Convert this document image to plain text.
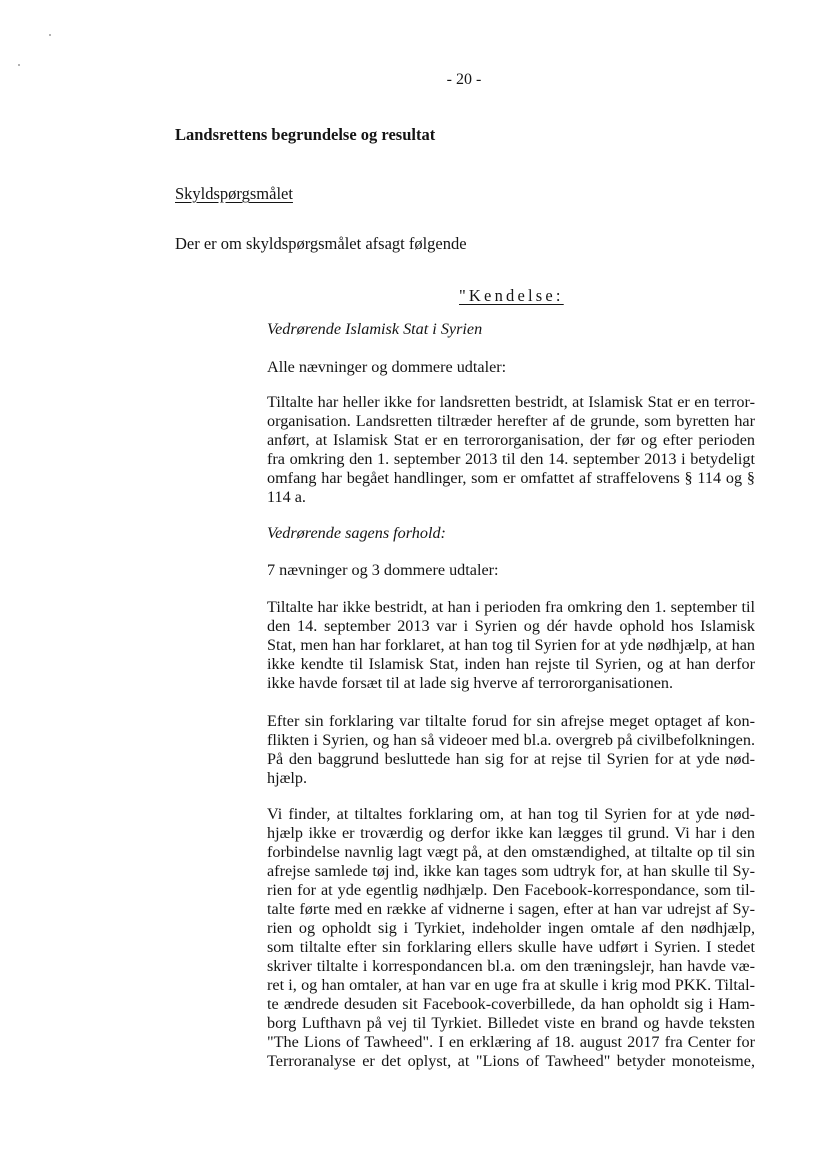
- 20 -
Landsrettens begrundelse og resultat
Skyldspørgsmålet
Der er om skyldspørgsmålet afsagt følgende
"Kendelse:

Vedrørende Islamisk Stat i Syrien

Alle nævninger og dommere udtaler:

Tiltalte har heller ikke for landsretten bestridt, at Islamisk Stat er en terror-
organisation. Landsretten tiltræder herefter af de grunde, som byretten har
anført, at Islamisk Stat er en terrororganisation, der før og efter perioden
fra omkring den 1. september 2013 til den 14. september 2013 i betydeligt
omfang har begået handlinger, som er omfattet af straffelovens § 114 og §
114 a.

Vedrørende sagens forhold:

7 nævninger og 3 dommere udtaler:

Tiltalte har ikke bestridt, at han i perioden fra omkring den 1. september til
den 14. september 2013 var i Syrien og dér havde ophold hos Islamisk
Stat, men han har forklaret, at han tog til Syrien for at yde nødhjælp, at han
ikke kendte til Islamisk Stat, inden han rejste til Syrien, og at han derfor
ikke havde forsæt til at lade sig hverve af terrororganisationen.
Efter sin forklaring var tiltalte forud for sin afrejse meget optaget af kon-
flikten i Syrien, og han så videoer med bl.a. overgreb på civilbefolkningen.
På den baggrund besluttede han sig for at rejse til Syrien for at yde nød-
hjælp.
Vi finder, at tiltaltes forklaring om, at han tog til Syrien for at yde nød-
hjælp ikke er troværdig og derfor ikke kan lægges til grund. Vi har i den
forbindelse navnlig lagt vægt på, at den omstændighed, at tiltalte op til sin
afrejse samlede tøj ind, ikke kan tages som udtryk for, at han skulle til Sy-
rien for at yde egentlig nødhjælp. Den Facebook-korrespondance, som til-
talte førte med en række af vidnerne i sagen, efter at han var udrejst af Sy-
rien og opholdt sig i Tyrkiet, indeholder ingen omtale af den nødhjælp,
som tiltalte efter sin forklaring ellers skulle have udført i Syrien. I stedet
skriver tiltalte i korrespondancen bl.a. om den træningslejr, han havde væ-
ret i, og han omtaler, at han var en uge fra at skulle i krig mod PKK. Tiltal-
te ændrede desuden sit Facebook-coverbillede, da han opholdt sig i Ham-
borg Lufthavn på vej til Tyrkiet. Billedet viste en brand og havde teksten
"The Lions of Tawheed". I en erklæring af 18. august 2017 fra Center for
Terroranalyse er det oplyst, at "Lions of Tawheed" betyder monoteisme,
